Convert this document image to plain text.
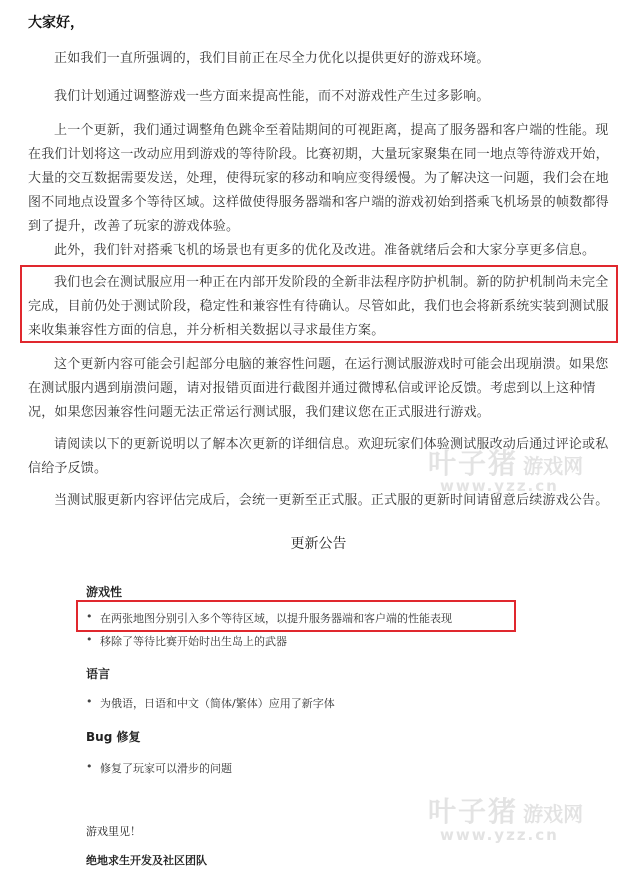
大家好，

正如我们一直所强调的，我们目前正在尽全力优化以提供更好的游戏环境。

我们计划通过调整游戏一些方面来提高性能，而不对游戏性产生过多影响。

上一个更新，我们通过调整角色跳伞至着陆期间的可视距离，提高了服务器和客户端的性能。现在我们计划将这一改动应用到游戏的等待阶段。比赛初期，大量玩家聚集在同一地点等待游戏开始，大量的交互数据需要发送，处理，使得玩家的移动和响应变得缓慢。为了解决这一问题，我们会在地图不同地点设置多个等待区域。这样做使得服务器端和客户端的游戏初始到搭乘飞机场景的帧数都得到了提升，改善了玩家的游戏体验。

此外，我们针对搭乘飞机的场景也有更多的优化及改进。准备就绪后会和大家分享更多信息。

我们也会在测试服应用一种正在内部开发阶段的全新非法程序防护机制。新的防护机制尚未完全完成，目前仍处于测试阶段，稳定性和兼容性有待确认。尽管如此，我们也会将新系统实装到测试服来收集兼容性方面的信息，并分析相关数据以寻求最佳方案。

这个更新内容可能会引起部分电脑的兼容性问题，在运行测试服游戏时可能会出现崩溃。如果您在测试服内遇到崩溃问题，请对报错页面进行截图并通过微博私信或评论反馈。考虑到以上这种情况，如果您因兼容性问题无法正常运行测试服，我们建议您在正式服进行游戏。

请阅读以下的更新说明以了解本次更新的详细信息。欢迎玩家们体验测试服改动后通过评论或私信给予反馈。

当测试服更新内容评估完成后，会统一更新至正式服。正式服的更新时间请留意后续游戏公告。

更新公告
游戏性
• 在两张地图分别引入多个等待区域，以提升服务器端和客户端的性能表现
• 移除了等待比赛开始时出生岛上的武器
语言
• 为俄语，日语和中文（简体/繁体）应用了新字体
Bug 修复
• 修复了玩家可以滑步的问题
游戏里见！
绝地求生开发及社区团队
叶子猪 游戏网
www.yzz.cn
叶子猪 游戏网
www.yzz.cn
